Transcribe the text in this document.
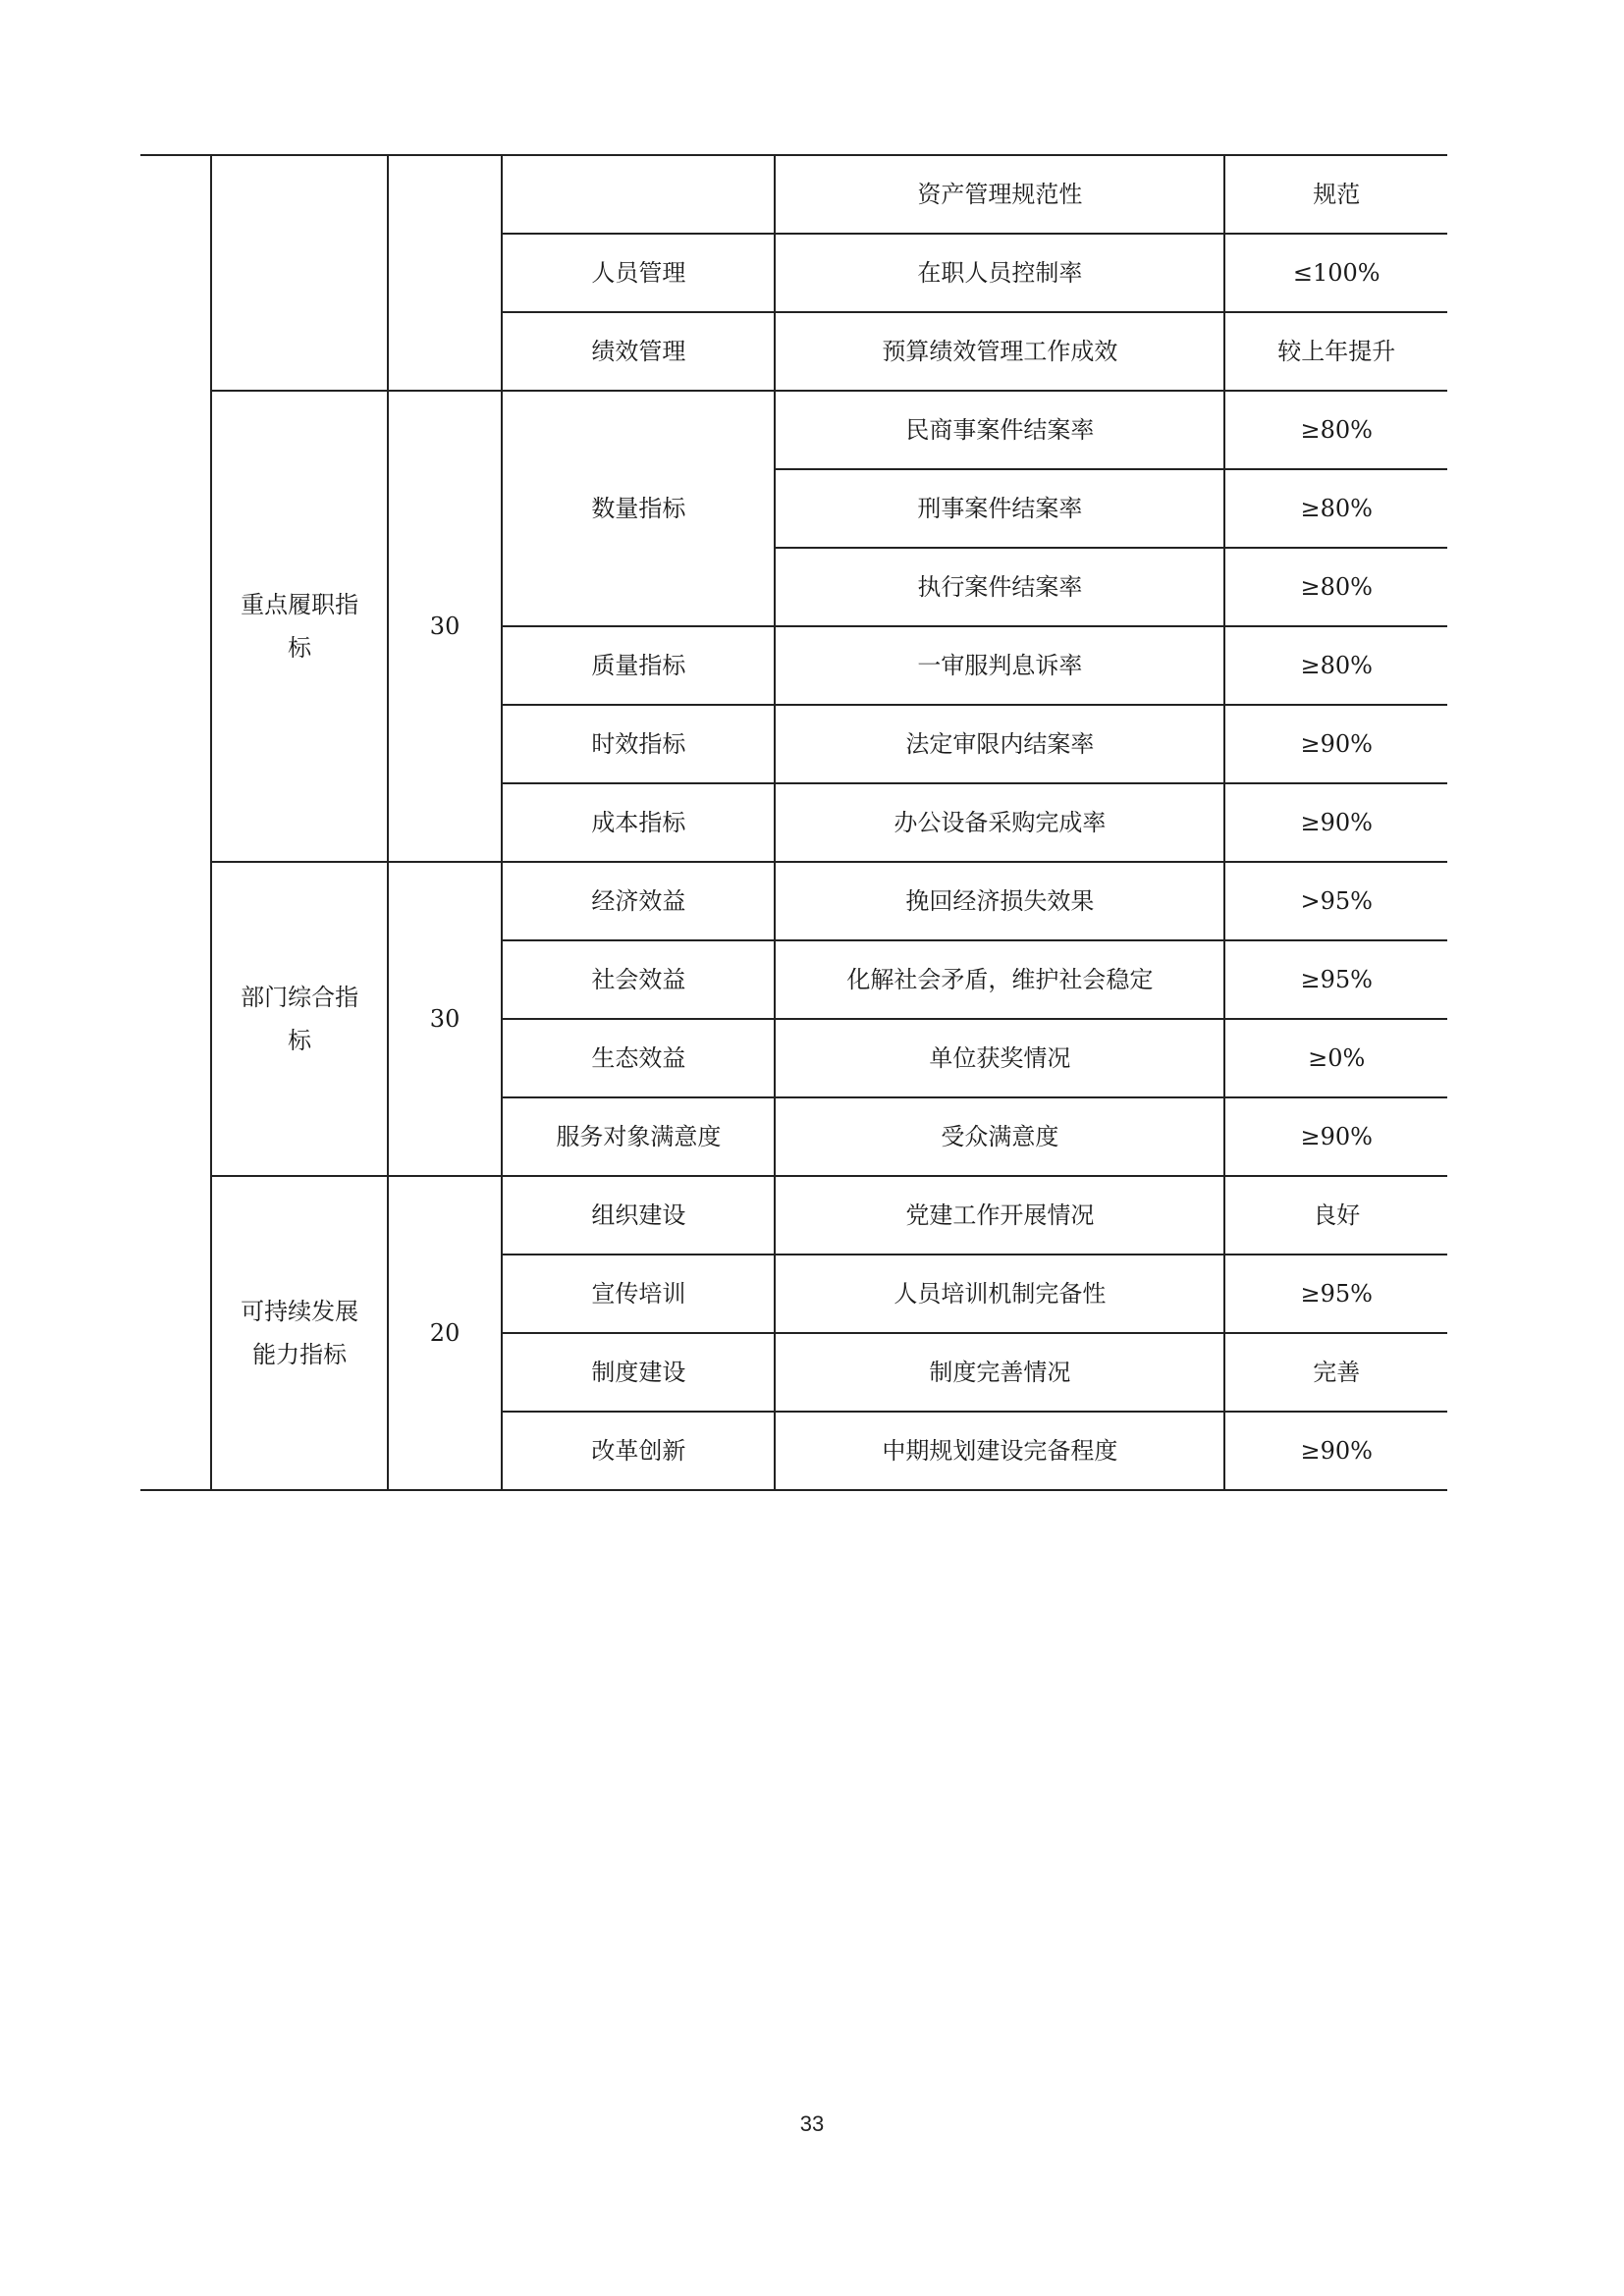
				资产管理规范性	规范
			人员管理	在职人员控制率	≤100%
			绩效管理	预算绩效管理工作成效	较上年提升
	重点履职指标	30	数量指标	民商事案件结案率	≥80%
				刑事案件结案率	≥80%
				执行案件结案率	≥80%
			质量指标	一审服判息诉率	≥80%
			时效指标	法定审限内结案率	≥90%
			成本指标	办公设备采购完成率	≥90%
	部门综合指标	30	经济效益	挽回经济损失效果	>95%
			社会效益	化解社会矛盾，维护社会稳定	≥95%
			生态效益	单位获奖情况	≥0%
			服务对象满意度	受众满意度	≥90%
	可持续发展能力指标	20	组织建设	党建工作开展情况	良好
			宣传培训	人员培训机制完备性	≥95%
			制度建设	制度完善情况	完善
			改革创新	中期规划建设完备程度	≥90%
33
